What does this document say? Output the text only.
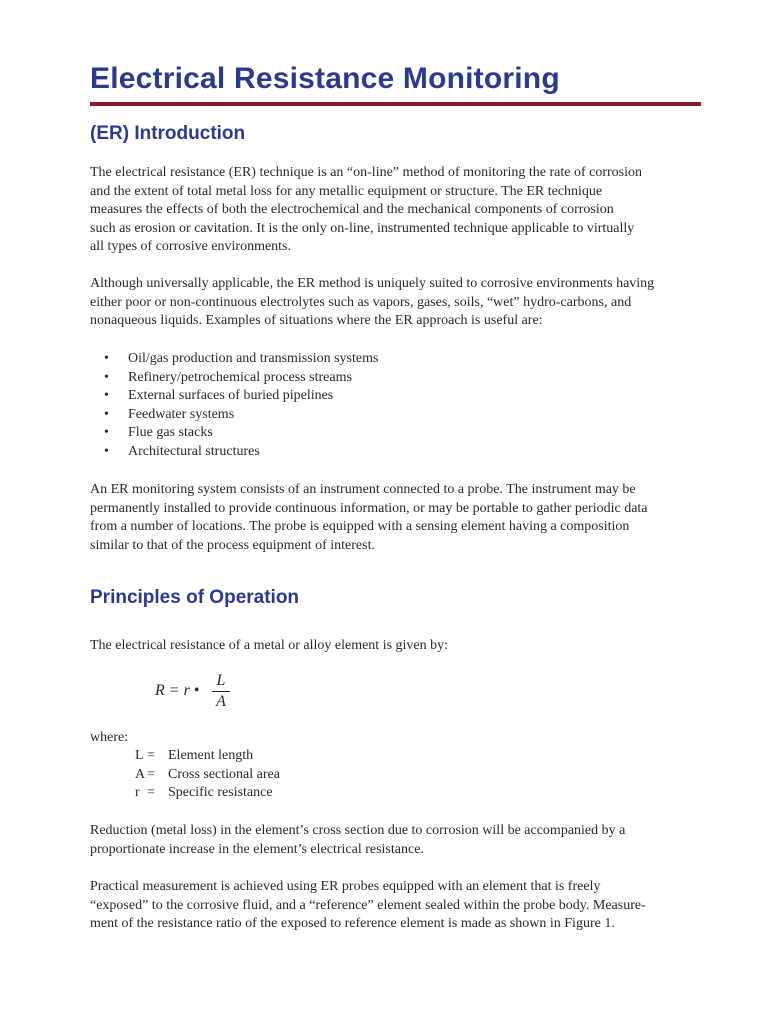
Electrical Resistance Monitoring
(ER) Introduction
The electrical resistance (ER) technique is an “on-line” method of monitoring the rate of corrosion
and the extent of total metal loss for any metallic equipment or structure. The ER technique
measures the effects of both the electrochemical and the mechanical components of corrosion
such as erosion or cavitation. It is the only on-line, instrumented technique applicable to virtually
all types of corrosive environments.
Although universally applicable, the ER method is uniquely suited to corrosive environments having
either poor or non-continuous electrolytes such as vapors, gases, soils, “wet” hydro-carbons, and
nonaqueous liquids. Examples of situations where the ER approach is useful are:
• Oil/gas production and transmission systems
• Refinery/petrochemical process streams
• External surfaces of buried pipelines
• Feedwater systems
• Flue gas stacks
• Architectural structures
An ER monitoring system consists of an instrument connected to a probe. The instrument may be
permanently installed to provide continuous information, or may be portable to gather periodic data
from a number of locations. The probe is equipped with a sensing element having a composition
similar to that of the process equipment of interest.
Principles of Operation
The electrical resistance of a metal or alloy element is given by:
R = r •
L
A
where:
L = Element length
A = Cross sectional area
r = Specific resistance
Reduction (metal loss) in the element’s cross section due to corrosion will be accompanied by a
proportionate increase in the element’s electrical resistance.
Practical measurement is achieved using ER probes equipped with an element that is freely
“exposed” to the corrosive fluid, and a “reference” element sealed within the probe body. Measure-
ment of the resistance ratio of the exposed to reference element is made as shown in Figure 1.
